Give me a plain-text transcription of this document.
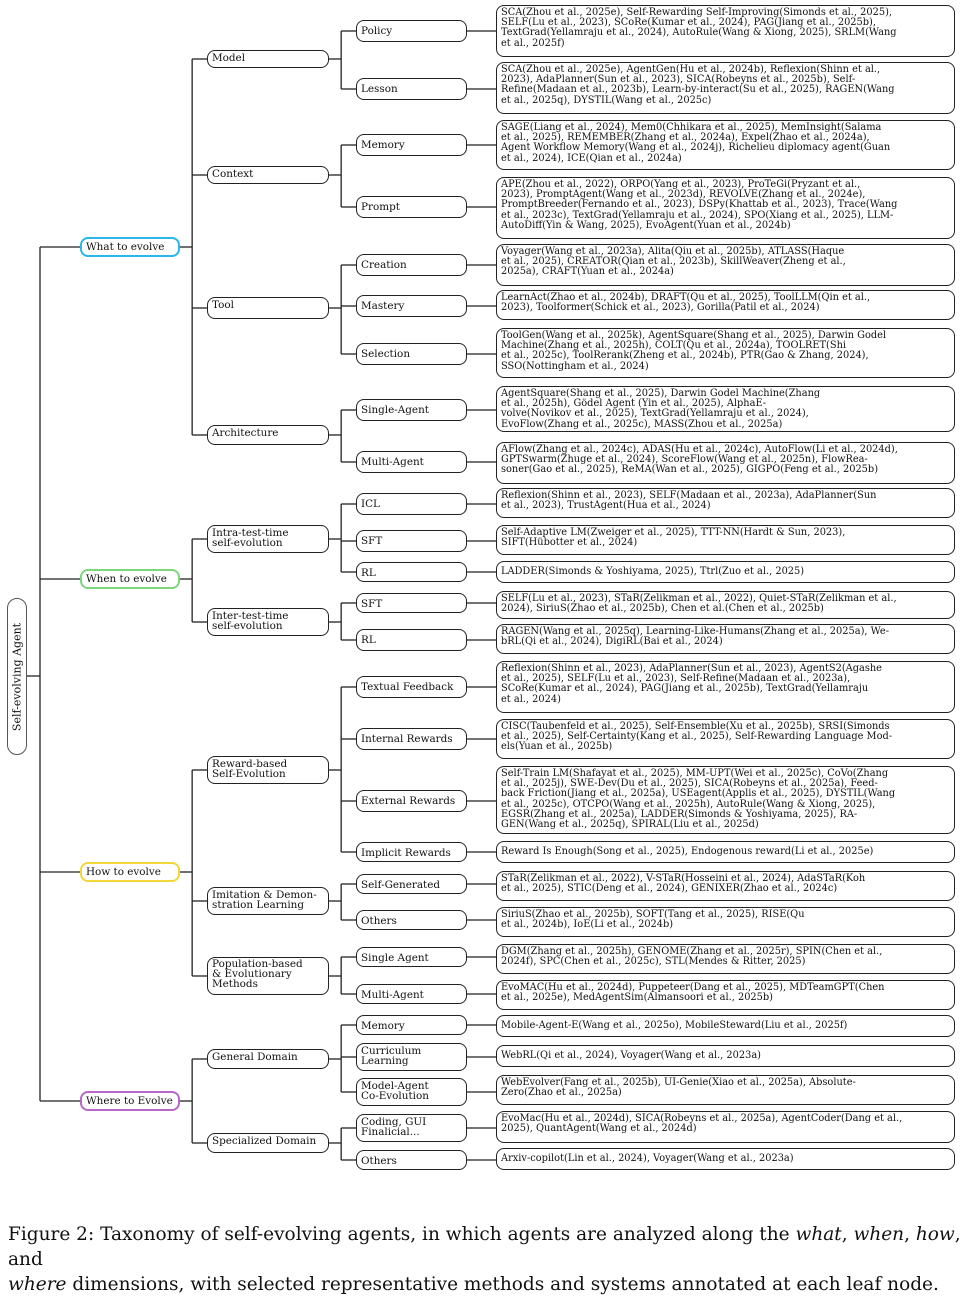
Self-evolving Agent
What to evolve
When to evolve
How to evolve
Where to Evolve
Model
Context
Tool
Architecture
Intra-test-time
self-evolution
Inter-test-time
self-evolution
Reward-based
Self-Evolution
Imitation & Demon-
stration Learning
Population-based
& Evolutionary
Methods
General Domain
Specialized Domain
Policy
Lesson
Memory
Prompt
Creation
Mastery
Selection
Single-Agent
Multi-Agent
ICL
SFT
RL
SFT
RL
Textual Feedback
Internal Rewards
External Rewards
Implicit Rewards
Self-Generated
Others
Single Agent
Multi-Agent
Memory
Curriculum
Learning
Model-Agent
Co-Evolution
Coding, GUI
Finalicial...
Others
SCA(Zhou et al., 2025e), Self-Rewarding Self-Improving(Simonds et al., 2025),
SELF(Lu et al., 2023), SCoRe(Kumar et al., 2024), PAG(Jiang et al., 2025b),
TextGrad(Yellamraju et al., 2024), AutoRule(Wang & Xiong, 2025), SRLM(Wang
et al., 2025f)
SCA(Zhou et al., 2025e), AgentGen(Hu et al., 2024b), Reflexion(Shinn et al.,
2023), AdaPlanner(Sun et al., 2023), SICA(Robeyns et al., 2025b), Self-
Refine(Madaan et al., 2023b), Learn-by-interact(Su et al., 2025), RAGEN(Wang
et al., 2025q), DYSTIL(Wang et al., 2025c)
SAGE(Liang et al., 2024), Mem0(Chhikara et al., 2025), MemInsight(Salama
et al., 2025), REMEMBER(Zhang et al., 2024a), Expel(Zhao et al., 2024a),
Agent Workflow Memory(Wang et al., 2024j), Richelieu diplomacy agent(Guan
et al., 2024), ICE(Qian et al., 2024a)
APE(Zhou et al., 2022), ORPO(Yang et al., 2023), ProTeGi(Pryzant et al.,
2023), PromptAgent(Wang et al., 2023d), REVOLVE(Zhang et al., 2024e),
PromptBreeder(Fernando et al., 2023), DSPy(Khattab et al., 2023), Trace(Wang
et al., 2023c), TextGrad(Yellamraju et al., 2024), SPO(Xiang et al., 2025), LLM-
AutoDiff(Yin & Wang, 2025), EvoAgent(Yuan et al., 2024b)
Voyager(Wang et al., 2023a), Alita(Qiu et al., 2025b), ATLASS(Haque
et al., 2025), CREATOR(Qian et al., 2023b), SkillWeaver(Zheng et al.,
2025a), CRAFT(Yuan et al., 2024a)
LearnAct(Zhao et al., 2024b), DRAFT(Qu et al., 2025), ToolLLM(Qin et al.,
2023), Toolformer(Schick et al., 2023), Gorilla(Patil et al., 2024)
ToolGen(Wang et al., 2025k), AgentSquare(Shang et al., 2025), Darwin Godel
Machine(Zhang et al., 2025h), COLT(Qu et al., 2024a), TOOLRET(Shi
et al., 2025c), ToolRerank(Zheng et al., 2024b), PTR(Gao & Zhang, 2024),
SSO(Nottingham et al., 2024)
AgentSquare(Shang et al., 2025), Darwin Godel Machine(Zhang
et al., 2025h), Gödel Agent (Yin et al., 2025), AlphaE-
volve(Novikov et al., 2025), TextGrad(Yellamraju et al., 2024),
EvoFlow(Zhang et al., 2025c), MASS(Zhou et al., 2025a)
AFlow(Zhang et al., 2024c), ADAS(Hu et al., 2024c), AutoFlow(Li et al., 2024d),
GPTSwarm(Zhuge et al., 2024), ScoreFlow(Wang et al., 2025n), FlowRea-
soner(Gao et al., 2025), ReMA(Wan et al., 2025), GIGPO(Feng et al., 2025b)
Reflexion(Shinn et al., 2023), SELF(Madaan et al., 2023a), AdaPlanner(Sun
et al., 2023), TrustAgent(Hua et al., 2024)
Self-Adaptive LM(Zweiger et al., 2025), TTT-NN(Hardt & Sun, 2023),
SIFT(Hübotter et al., 2024)
LADDER(Simonds & Yoshiyama, 2025), Ttrl(Zuo et al., 2025)
SELF(Lu et al., 2023), STaR(Zelikman et al., 2022), Quiet-STaR(Zelikman et al.,
2024), SiriuS(Zhao et al., 2025b), Chen et al.(Chen et al., 2025b)
RAGEN(Wang et al., 2025q), Learning-Like-Humans(Zhang et al., 2025a), We-
bRL(Qi et al., 2024), DigiRL(Bai et al., 2024)
Reflexion(Shinn et al., 2023), AdaPlanner(Sun et al., 2023), AgentS2(Agashe
et al., 2025), SELF(Lu et al., 2023), Self-Refine(Madaan et al., 2023a),
SCoRe(Kumar et al., 2024), PAG(Jiang et al., 2025b), TextGrad(Yellamraju
et al., 2024)
CISC(Taubenfeld et al., 2025), Self-Ensemble(Xu et al., 2025b), SRSI(Simonds
et al., 2025), Self-Certainty(Kang et al., 2025), Self-Rewarding Language Mod-
els(Yuan et al., 2025b)
Self-Train LM(Shafayat et al., 2025), MM-UPT(Wei et al., 2025c), CoVo(Zhang
et al., 2025j), SWE-Dev(Du et al., 2025), SICA(Robeyns et al., 2025a), Feed-
back Friction(Jiang et al., 2025a), USEagent(Applis et al., 2025), DYSTIL(Wang
et al., 2025c), OTCPO(Wang et al., 2025h), AutoRule(Wang & Xiong, 2025),
EGSR(Zhang et al., 2025a), LADDER(Simonds & Yoshiyama, 2025), RA-
GEN(Wang et al., 2025q), SPIRAL(Liu et al., 2025d)
Reward Is Enough(Song et al., 2025), Endogenous reward(Li et al., 2025e)
STaR(Zelikman et al., 2022), V-STaR(Hosseini et al., 2024), AdaSTaR(Koh
et al., 2025), STIC(Deng et al., 2024), GENIXER(Zhao et al., 2024c)
SiriuS(Zhao et al., 2025b), SOFT(Tang et al., 2025), RISE(Qu
et al., 2024b), IoE(Li et al., 2024b)
DGM(Zhang et al., 2025h), GENOME(Zhang et al., 2025r), SPIN(Chen et al.,
2024f), SPC(Chen et al., 2025c), STL(Mendes & Ritter, 2025)
EvoMAC(Hu et al., 2024d), Puppeteer(Dang et al., 2025), MDTeamGPT(Chen
et al., 2025e), MedAgentSim(Almansoori et al., 2025b)
Mobile-Agent-E(Wang et al., 2025o), MobileSteward(Liu et al., 2025f)
WebRL(Qi et al., 2024), Voyager(Wang et al., 2023a)
WebEvolver(Fang et al., 2025b), UI-Genie(Xiao et al., 2025a), Absolute-
Zero(Zhao et al., 2025a)
EvoMac(Hu et al., 2024d), SICA(Robeyns et al., 2025a), AgentCoder(Dang et al.,
2025), QuantAgent(Wang et al., 2024d)
Arxiv-copilot(Lin et al., 2024), Voyager(Wang et al., 2023a)
Figure 2: Taxonomy of self-evolving agents, in which agents are analyzed along the what, when, how, and
where dimensions, with selected representative methods and systems annotated at each leaf node.
